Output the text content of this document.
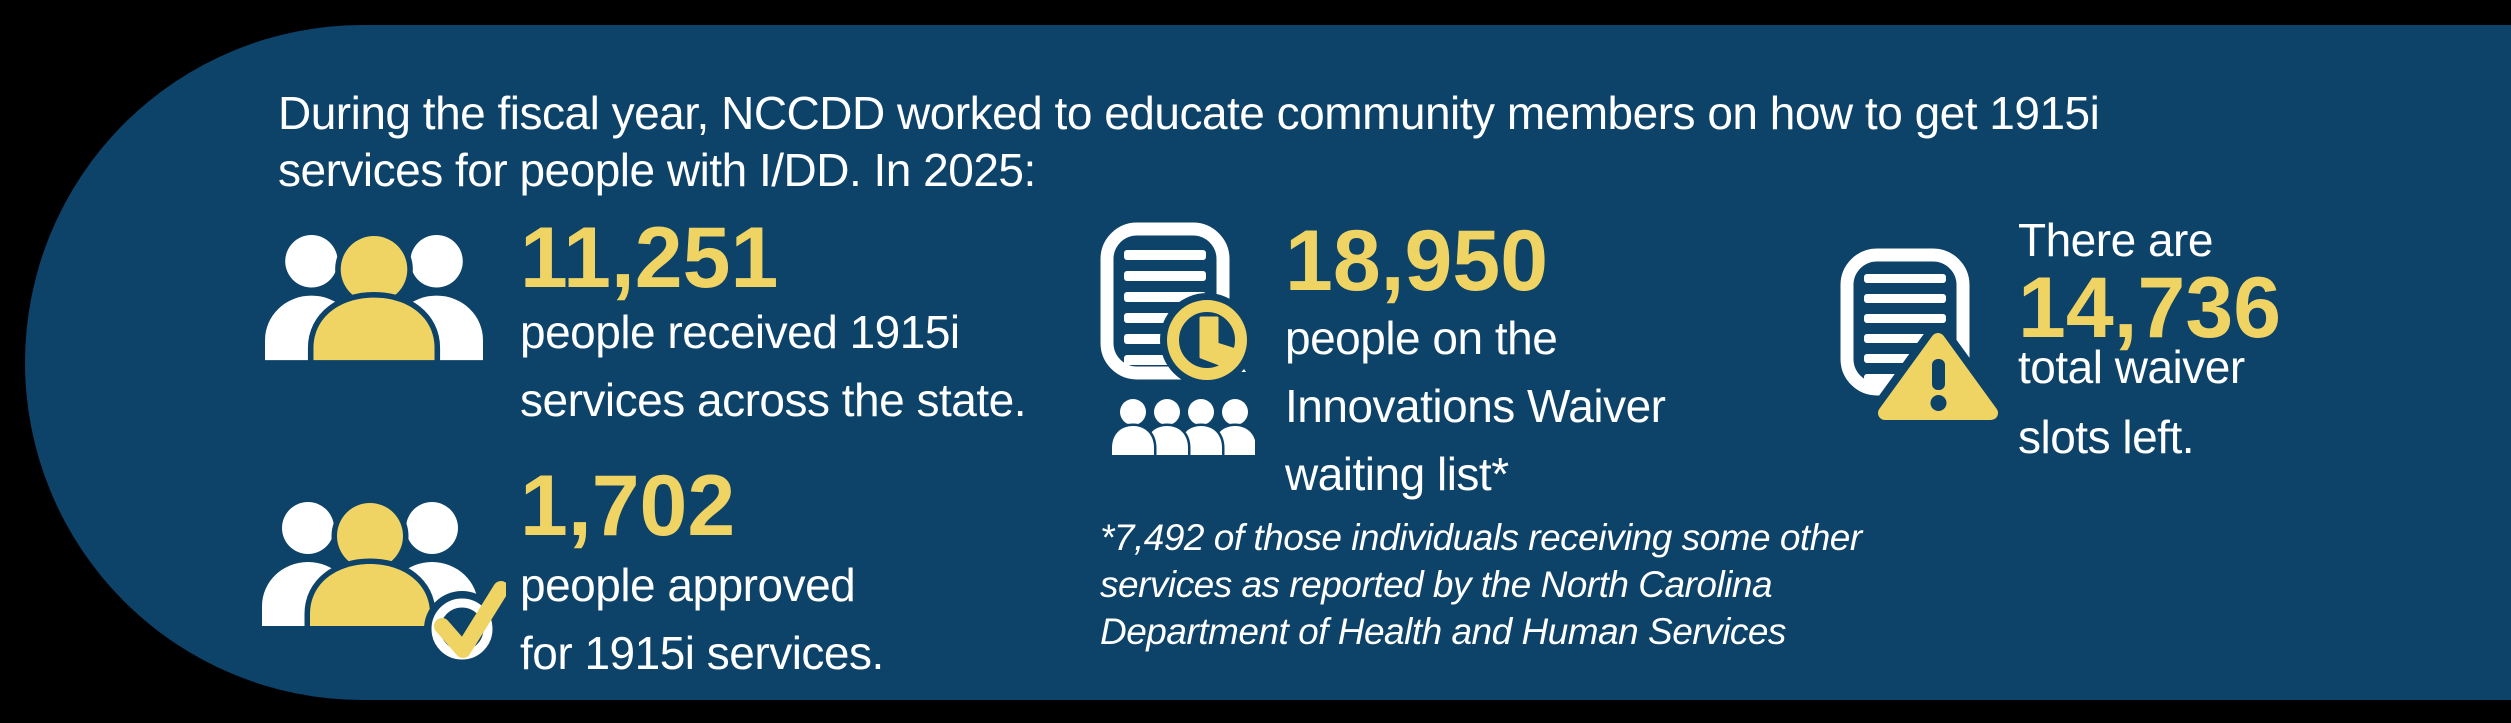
During the fiscal year, NCCDD worked to educate community members on how to get 1915i
services for people with I/DD. In 2025:
11,251
people received 1915i
services across the state.
1,702
people approved
for 1915i services.
18,950
people on the
Innovations Waiver
waiting list*
*7,492 of those individuals receiving some other
services as reported by the North Carolina
Department of Health and Human Services
There are
14,736
total waiver
slots left.
